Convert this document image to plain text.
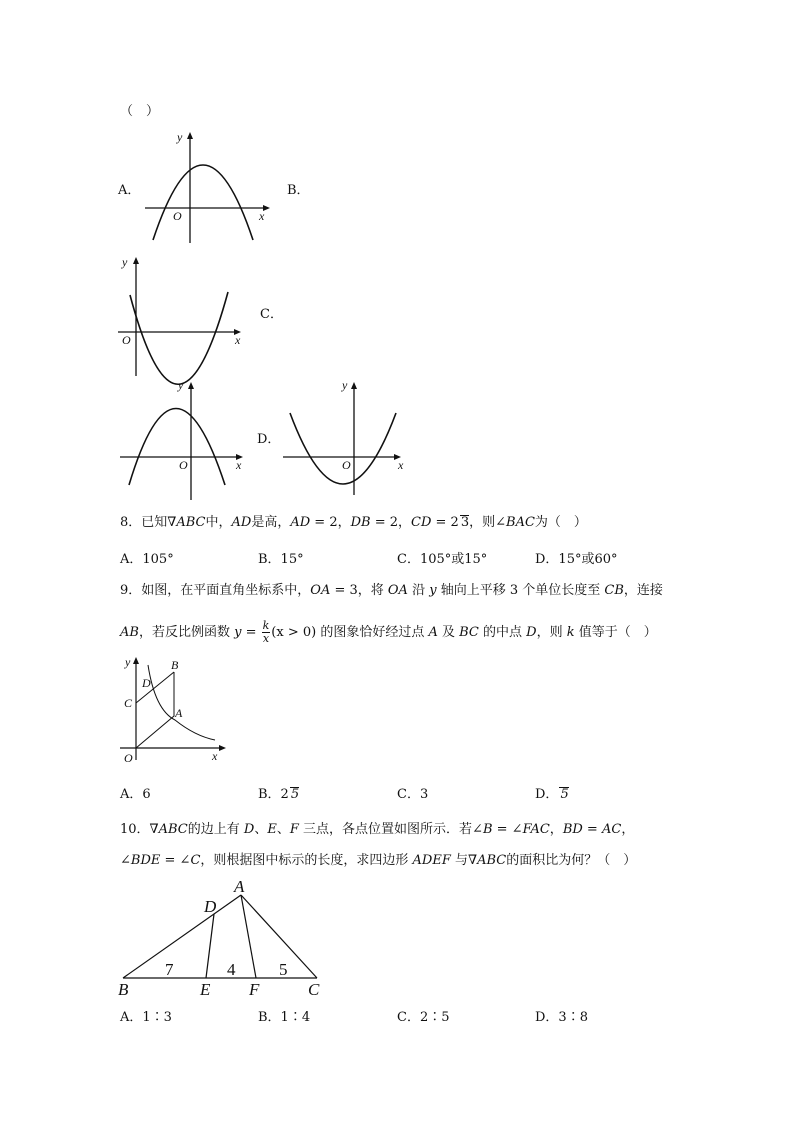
（　）
A．
O	x
y
B．
O	x
y
C．
O	x
y
D．
O	x
y
8．已知∇ABC中，AD是高，AD = 2，DB = 2，CD = 2 3，则∠BAC为（　）
A．105°	B．15°	C．105°或15°	D．15°或60°
9．如图，在平面直角坐标系中，OA = 3，将 OA 沿 y 轴向上平移 3 个单位长度至 CB，连接
AB，若反比例函数 $y = \frac{k}{x} (x > 0)$ 的图象恰好经过点 A 及 BC 的中点 D，则 k 值等于（　）
B
D
C
A
O	x
y
A．6	B．2 5	C．3	D． 5
10．∇ABC的边上有 D、E、F 三点，各点位置如图所示．若∠B = ∠FAC，BD = AC，
∠BDE = ∠C，则根据图中标示的长度，求四边形 ADEF 与∇ABC的面积比为何？（　）
A
D
B	E F	C
7	4	5
A．1∶3	B．1∶4	C．2∶5	D．3∶8
